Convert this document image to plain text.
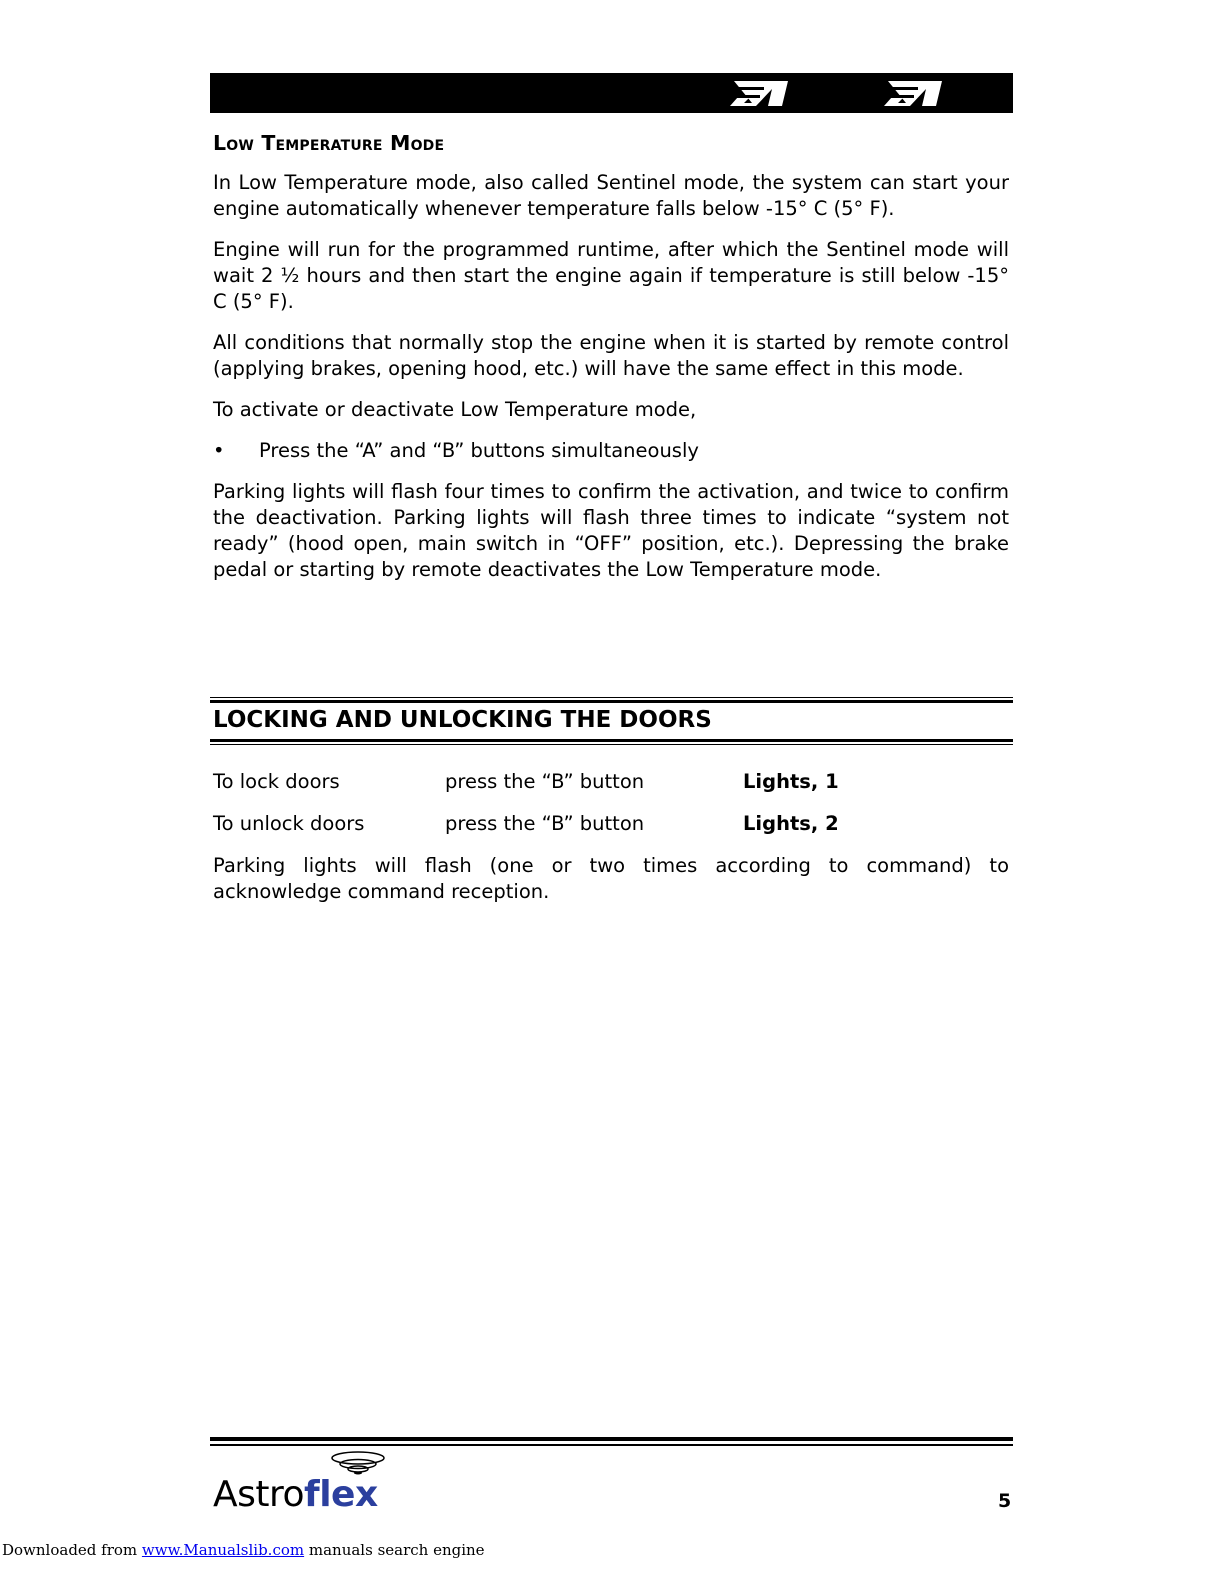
Low Temperature Mode

In Low Temperature mode, also called Sentinel mode, the system can start your engine automatically whenever temperature falls below -15° C (5° F).

Engine will run for the programmed runtime, after which the Sentinel mode will wait 2 ½ hours and then start the engine again if temperature is still below -15° C (5° F).

All conditions that normally stop the engine when it is started by remote control (applying brakes, opening hood, etc.) will have the same effect in this mode.

To activate or deactivate Low Temperature mode,

•	Press the “A” and “B” buttons simultaneously

Parking lights will flash four times to confirm the activation, and twice to confirm the deactivation. Parking lights will flash three times to indicate “system not ready” (hood open, main switch in “OFF” position, etc.). Depressing the brake pedal or starting by remote deactivates the Low Temperature mode.

LOCKING AND UNLOCKING THE DOORS
To lock doors	press the “B” button	Lights, 1
To unlock doors	press the “B” button	Lights, 2

Parking lights will flash (one or two times according to command) to acknowledge command reception.

Astroflex	5
Downloaded from www.Manualslib.com manuals search engine
